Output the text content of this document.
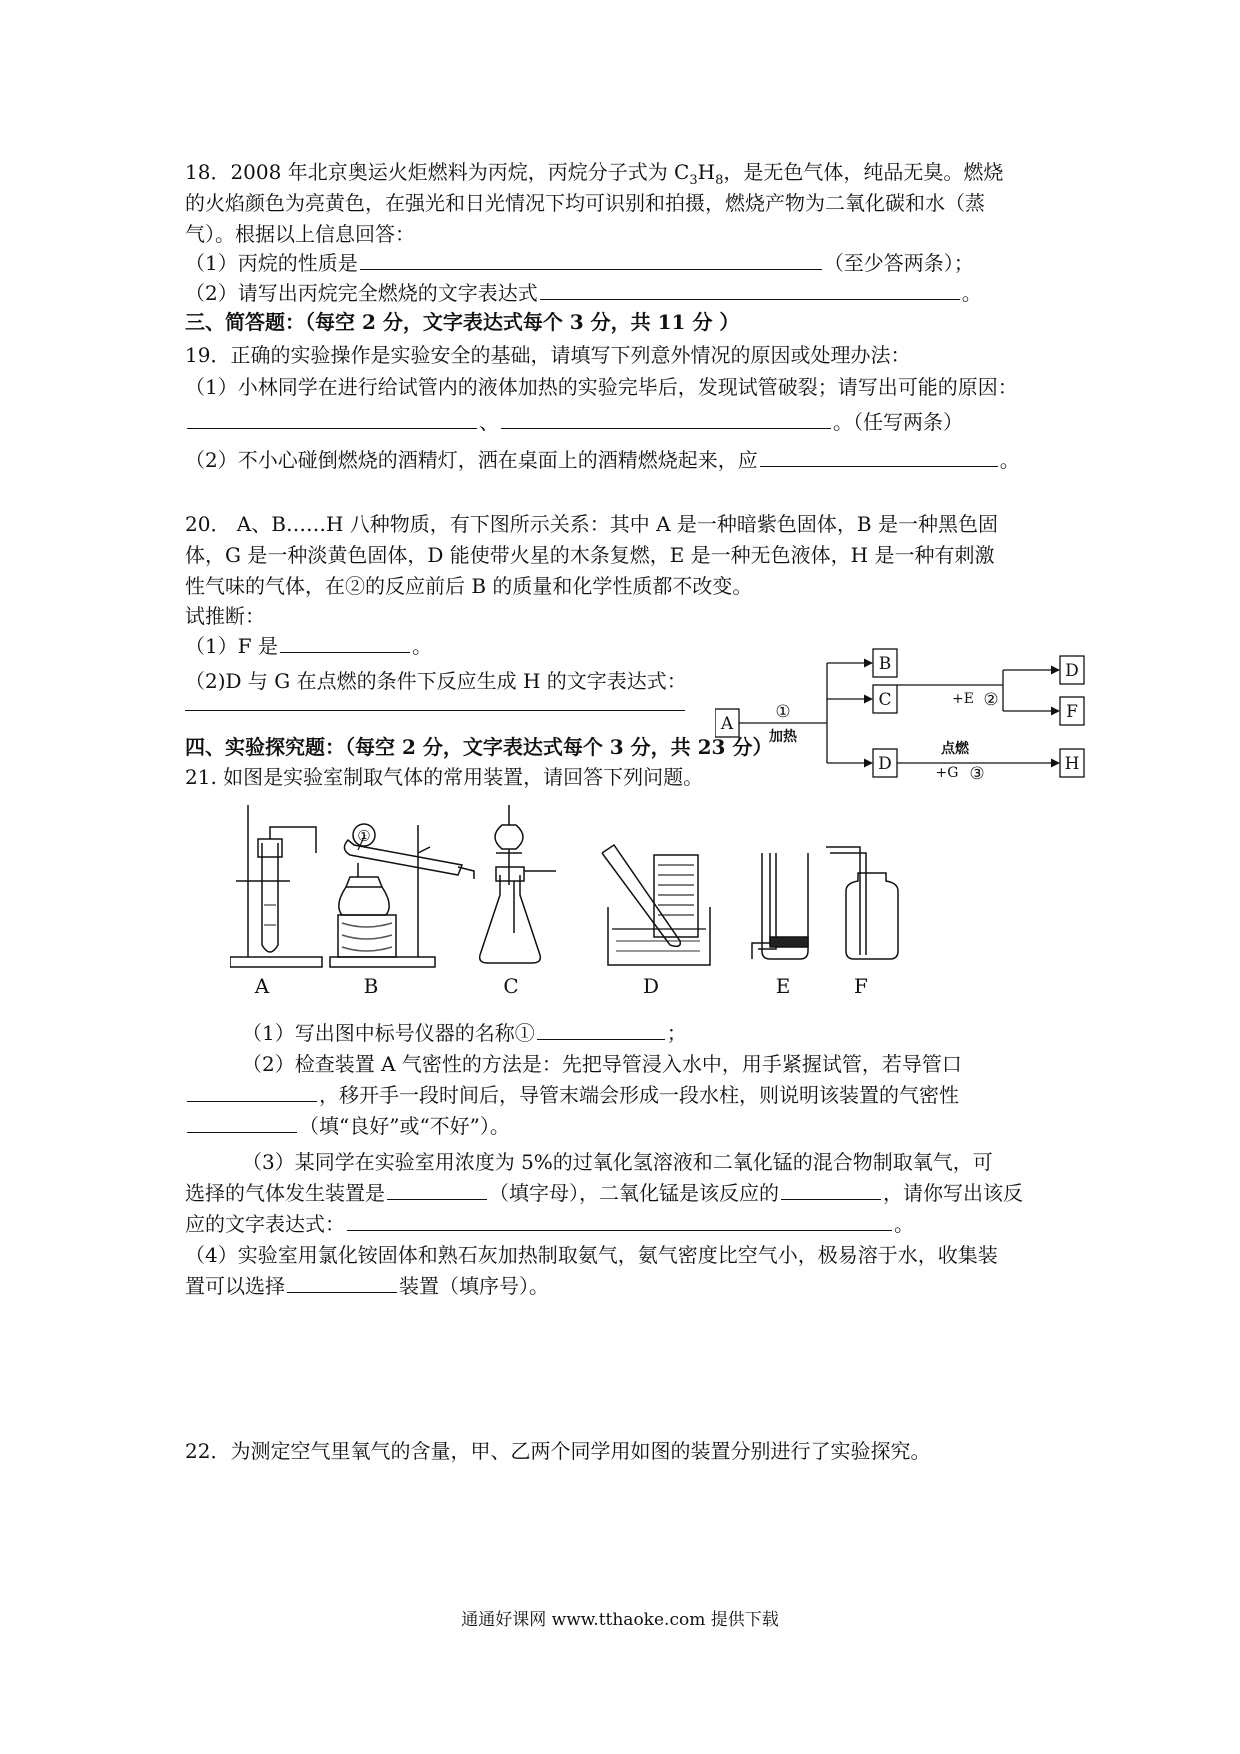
18．2008 年北京奥运火炬燃料为丙烷，丙烷分子式为 $C_3H_8$，是无色气体，纯品无臭。燃烧
的火焰颜色为亮黄色，在强光和日光情况下均可识别和拍摄，燃烧产物为二氧化碳和水（蒸
气）。根据以上信息回答：
（1）丙烷的性质是	（至少答两条）；
（2）请写出丙烷完全燃烧的文字表达式	。
三、简答题：（每空 2 分，文字表达式每个 3 分，共 11 分 ）
19．正确的实验操作是实验安全的基础，请填写下列意外情况的原因或处理办法：
（1）小林同学在进行给试管内的液体加热的实验完毕后，发现试管破裂；请写出可能的原因：
、	。（任写两条）
（2）不小心碰倒燃烧的酒精灯，洒在桌面上的酒精燃烧起来，应	。
20． A、B……H 八种物质，有下图所示关系：其中 A 是一种暗紫色固体，B 是一种黑色固
体，G 是一种淡黄色固体，D 能使带火星的木条复燃，E 是一种无色液体，H 是一种有刺激
性气味的气体，在②的反应前后 B 的质量和化学性质都不改变。
试推断：
（1）F 是	。
（2)D 与 G 在点燃的条件下反应生成 H 的文字表达式：
A
B
C
D
D
F
H
①
加热
+E ②
点燃
+G ③
四、实验探究题：（每空 2 分，文字表达式每个 3 分，共 23 分）
21. 如图是实验室制取气体的常用装置，请回答下列问题。
①
A	B	C	D	E	F
（1）写出图中标号仪器的名称①	；
（2）检查装置 A 气密性的方法是：先把导管浸入水中，用手紧握试管，若导管口
，移开手一段时间后，导管末端会形成一段水柱，则说明该装置的气密性
（填“良好”或“不好”）。
（3）某同学在实验室用浓度为 5%的过氧化氢溶液和二氧化锰的混合物制取氧气，可
选择的气体发生装置是	（填字母），二氧化锰是该反应的	，请你写出该反
应的文字表达式：	。
（4）实验室用氯化铵固体和熟石灰加热制取氨气，氨气密度比空气小，极易溶于水，收集装
置可以选择	装置（填序号）。
22．为测定空气里氧气的含量，甲、乙两个同学用如图的装置分别进行了实验探究。
通通好课网 www.tthaoke.com 提供下载
